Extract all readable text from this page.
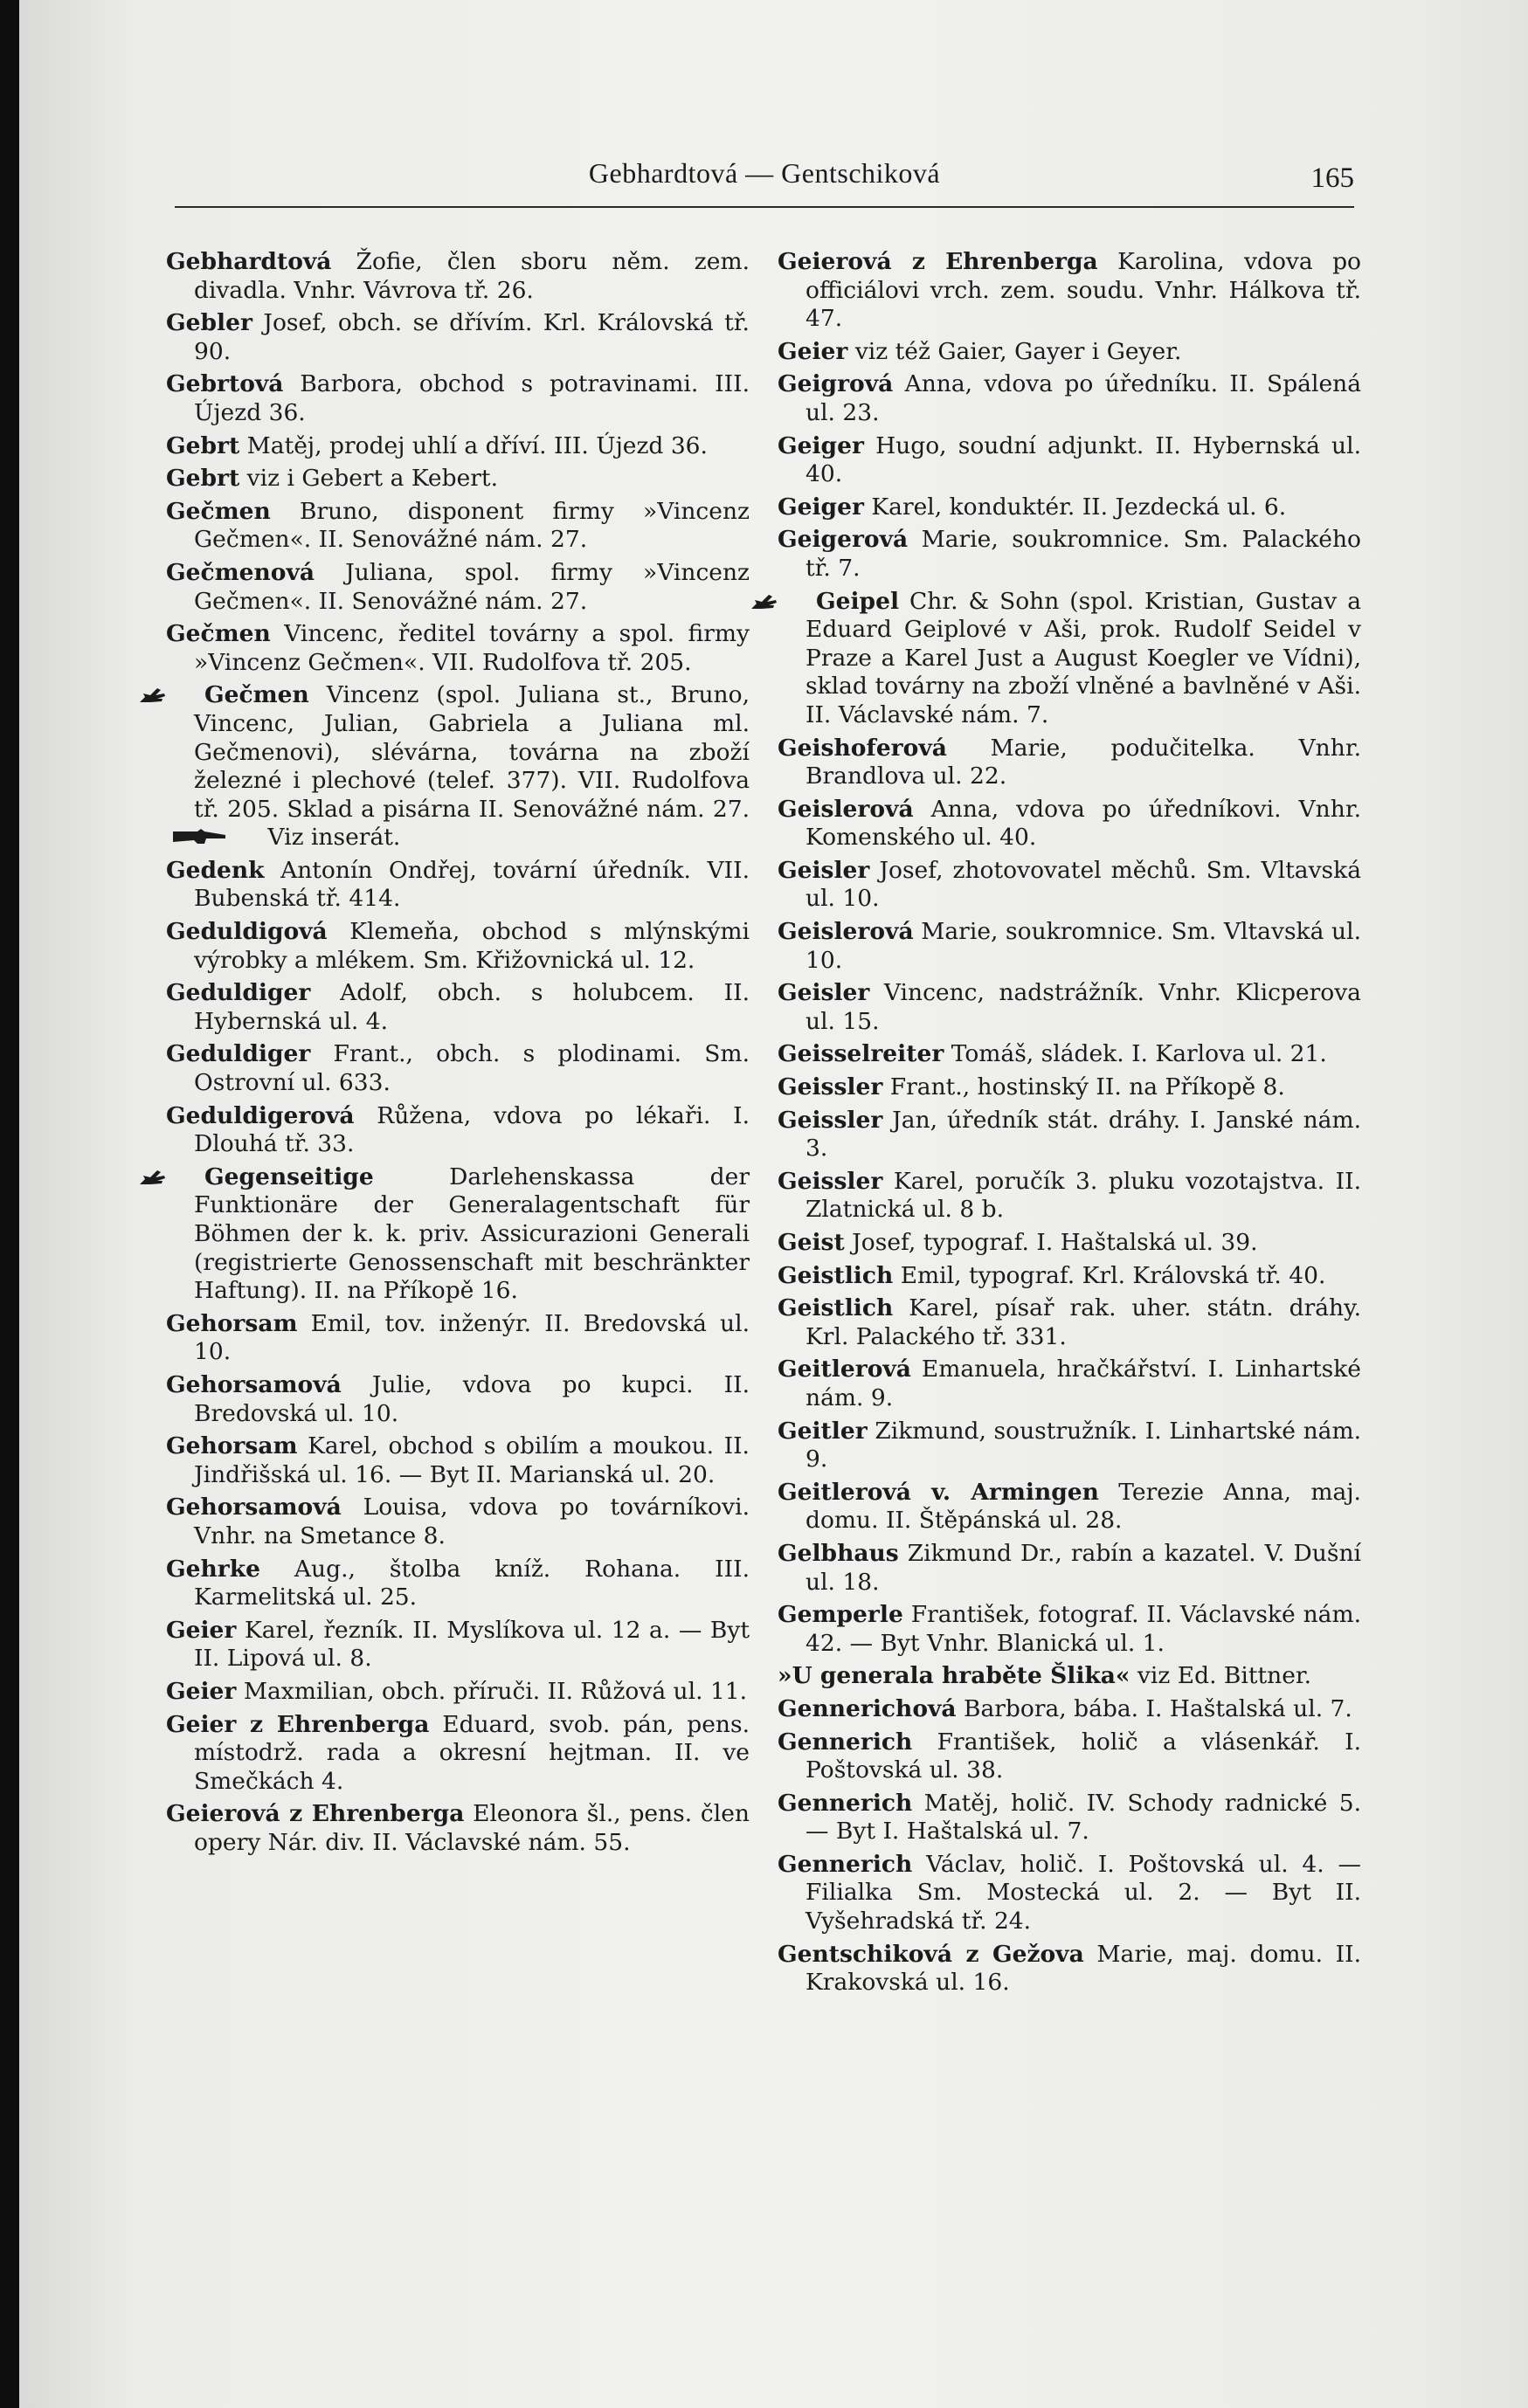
Gebhardtová — Gentschiková	165
Gebhardtová Žofie, člen sboru něm. zem. divadla. Vnhr. Vávrova tř. 26.
Gebler Josef, obch. se dřívím. Krl. Královská tř. 90.
Gebrtová Barbora, obchod s potravinami. III. Újezd 36.
Gebrt Matěj, prodej uhlí a dříví. III. Újezd 36.
Gebrt viz i Gebert a Kebert.
Gečmen Bruno, disponent firmy »Vincenz Gečmen«. II. Senovážné nám. 27.
Gečmenová Juliana, spol. firmy »Vincenz Gečmen«. II. Senovážné nám. 27.
Gečmen Vincenc, ředitel továrny a spol. firmy »Vincenz Gečmen«. VII. Rudolfova tř. 205.
Gečmen Vincenz (spol. Juliana st., Bruno, Vincenc, Julian, Gabriela a Juliana ml. Gečmenovi), slévárna, továrna na zboží železné i plechové (telef. 377). VII. Rudolfova tř. 205. Sklad a pisárna II. Senovážné nám. 27. Viz inserát.
Gedenk Antonín Ondřej, tovární úředník. VII. Bubenská tř. 414.
Geduldigová Klemeňa, obchod s mlýnskými výrobky a mlékem. Sm. Křižovnická ul. 12.
Geduldiger Adolf, obch. s holubcem. II. Hybernská ul. 4.
Geduldiger Frant., obch. s plodinami. Sm. Ostrovní ul. 633.
Geduldigerová Růžena, vdova po lékaři. I. Dlouhá tř. 33.
Gegenseitige Darlehenskassa der Funktionäre der Generalagentschaft für Böhmen der k. k. priv. Assicurazioni Generali (registrierte Genossenschaft mit beschränkter Haftung). II. na Příkopě 16.
Gehorsam Emil, tov. inženýr. II. Bredovská ul. 10.
Gehorsamová Julie, vdova po kupci. II. Bredovská ul. 10.
Gehorsam Karel, obchod s obilím a moukou. II. Jindřišská ul. 16. — Byt II. Marianská ul. 20.
Gehorsamová Louisa, vdova po továrníkovi. Vnhr. na Smetance 8.
Gehrke Aug., štolba kníž. Rohana. III. Karmelitská ul. 25.
Geier Karel, řezník. II. Myslíkova ul. 12 a. — Byt II. Lipová ul. 8.
Geier Maxmilian, obch. příruči. II. Růžová ul. 11.
Geier z Ehrenberga Eduard, svob. pán, pens. místodrž. rada a okresní hejtman. II. ve Smečkách 4.
Geierová z Ehrenberga Eleonora šl., pens. člen opery Nár. div. II. Václavské nám. 55.
Geierová z Ehrenberga Karolina, vdova po officiálovi vrch. zem. soudu. Vnhr. Hálkova tř. 47.
Geier viz též Gaier, Gayer i Geyer.
Geigrová Anna, vdova po úředníku. II. Spálená ul. 23.
Geiger Hugo, soudní adjunkt. II. Hybernská ul. 40.
Geiger Karel, konduktér. II. Jezdecká ul. 6.
Geigerová Marie, soukromnice. Sm. Palackého tř. 7.
Geipel Chr. & Sohn (spol. Kristian, Gustav a Eduard Geiplové v Aši, prok. Rudolf Seidel v Praze a Karel Just a August Koegler ve Vídni), sklad továrny na zboží vlněné a bavlněné v Aši. II. Václavské nám. 7.
Geishoferová Marie, podučitelka. Vnhr. Brandlova ul. 22.
Geislerová Anna, vdova po úředníkovi. Vnhr. Komenského ul. 40.
Geisler Josef, zhotovovatel měchů. Sm. Vltavská ul. 10.
Geislerová Marie, soukromnice. Sm. Vltavská ul. 10.
Geisler Vincenc, nadstrážník. Vnhr. Klicperova ul. 15.
Geisselreiter Tomáš, sládek. I. Karlova ul. 21.
Geissler Frant., hostinský II. na Příkopě 8.
Geissler Jan, úředník stát. dráhy. I. Janské nám. 3.
Geissler Karel, poručík 3. pluku vozotajstva. II. Zlatnická ul. 8 b.
Geist Josef, typograf. I. Haštalská ul. 39.
Geistlich Emil, typograf. Krl. Královská tř. 40.
Geistlich Karel, písař rak. uher. státn. dráhy. Krl. Palackého tř. 331.
Geitlerová Emanuela, hračkářství. I. Linhartské nám. 9.
Geitler Zikmund, soustružník. I. Linhartské nám. 9.
Geitlerová v. Armingen Terezie Anna, maj. domu. II. Štěpánská ul. 28.
Gelbhaus Zikmund Dr., rabín a kazatel. V. Dušní ul. 18.
Gemperle František, fotograf. II. Václavské nám. 42. — Byt Vnhr. Blanická ul. 1.
»U generala hraběte Šlika« viz Ed. Bittner.
Gennerichová Barbora, bába. I. Haštalská ul. 7.
Gennerich František, holič a vlásenkář. I. Poštovská ul. 38.
Gennerich Matěj, holič. IV. Schody radnické 5. — Byt I. Haštalská ul. 7.
Gennerich Václav, holič. I. Poštovská ul. 4. — Filialka Sm. Mostecká ul. 2. — Byt II. Vyšehradská tř. 24.
Gentschiková z Gežova Marie, maj. domu. II. Krakovská ul. 16.
